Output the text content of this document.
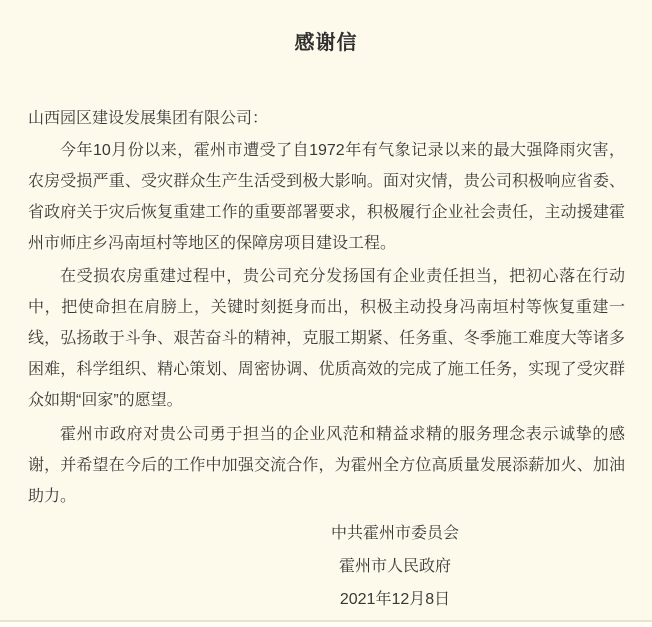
感谢信

山西园区建设发展集团有限公司：

今年10月份以来，霍州市遭受了自1972年有气象记录以来的最大强降雨灾害，农房受损严重、受灾群众生产生活受到极大影响。面对灾情，贵公司积极响应省委、省政府关于灾后恢复重建工作的重要部署要求，积极履行企业社会责任，主动援建霍州市师庄乡冯南垣村等地区的保障房项目建设工程。

在受损农房重建过程中，贵公司充分发扬国有企业责任担当，把初心落在行动中，把使命担在肩膀上，关键时刻挺身而出，积极主动投身冯南垣村等恢复重建一线，弘扬敢于斗争、艰苦奋斗的精神，克服工期紧、任务重、冬季施工难度大等诸多困难，科学组织、精心策划、周密协调、优质高效的完成了施工任务，实现了受灾群众如期“回家”的愿望。

霍州市政府对贵公司勇于担当的企业风范和精益求精的服务理念表示诚挚的感谢，并希望在今后的工作中加强交流合作，为霍州全方位高质量发展添薪加火、加油助力。

中共霍州市委员会
霍州市人民政府
2021年12月8日
